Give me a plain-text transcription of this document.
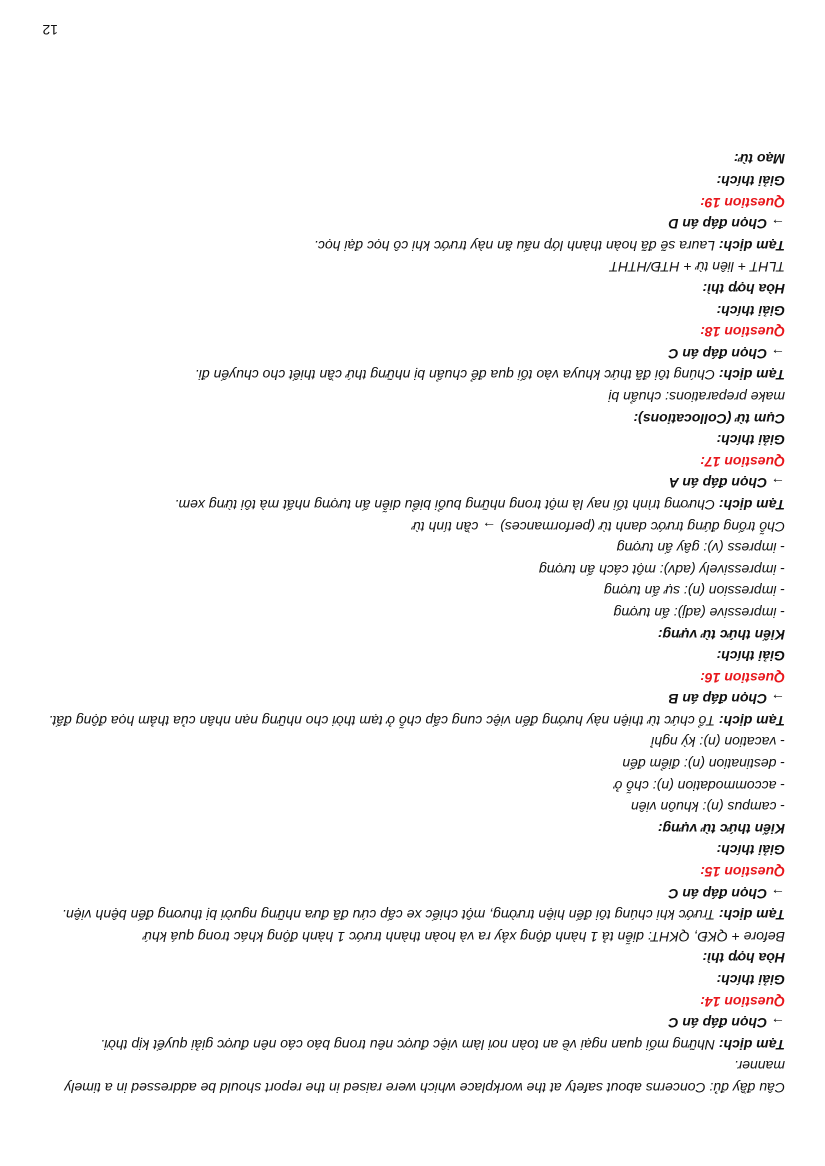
Câu đầy đủ: Concerns about safety at the workplace which were raised in the report should be addressed in a timely manner.
Tạm dịch: Những mối quan ngại về an toàn nơi làm việc được nêu trong báo cáo nên được giải quyết kịp thời.
→ Chọn đáp án C
Question 14:
Giải thích:
Hòa hợp thì:
Before + QKĐ, QKHT: diễn tả 1 hành động xảy ra và hoàn thành trước 1 hành động khác trong quá khứ
Tạm dịch: Trước khi chúng tôi đến hiện trường, một chiếc xe cấp cứu đã đưa những người bị thương đến bệnh viện.
→ Chọn đáp án C
Question 15:
Giải thích:
Kiến thức từ vựng:
- campus (n): khuôn viên
- accommodation (n): chỗ ở
- destination (n): điểm đến
- vacation (n): kỳ nghỉ
Tạm dịch: Tổ chức từ thiện này hướng đến việc cung cấp chỗ ở tạm thời cho những nạn nhân của thảm họa động đất.
→ Chọn đáp án B
Question 16:
Giải thích:
Kiến thức từ vựng:
- impressive (adj): ấn tượng
- impression (n): sự ấn tượng
- impressively (adv): một cách ấn tượng
- impress (v): gây ấn tượng
Chỗ trống đứng trước danh từ (performances) → cần tính từ
Tạm dịch: Chương trình tối nay là một trong những buổi biểu diễn ấn tượng nhất mà tôi từng xem.
→ Chọn đáp án A
Question 17:
Giải thích:
Cụm từ (Collocations):
make preparations: chuẩn bị
Tạm dịch: Chúng tôi đã thức khuya vào tối qua để chuẩn bị những thứ cần thiết cho chuyến đi.
→ Chọn đáp án C
Question 18:
Giải thích:
Hòa hợp thì:
TLHT + liên từ + HTĐ/HTHT
Tạm dịch: Laura sẽ đã hoàn thành lớp nấu ăn này trước khi cô học đại học.
→ Chọn đáp án D
Question 19:
Giải thích:
Mạo từ:
12
